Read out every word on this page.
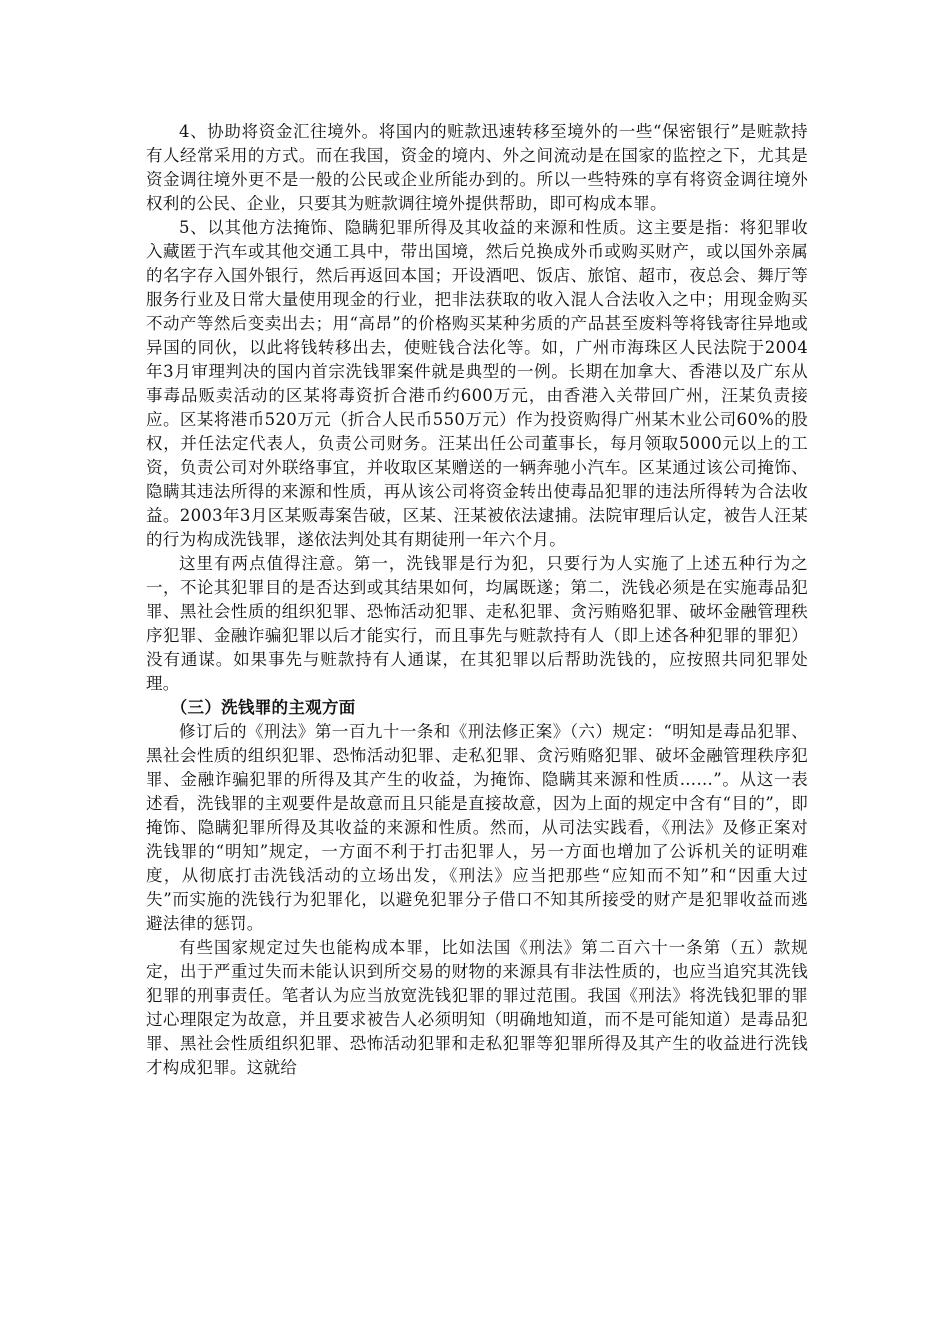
4、协助将资金汇往境外。将国内的赃款迅速转移至境外的一些“保密银行”是赃款持有人经常采用的方式。而在我国，资金的境内、外之间流动是在国家的监控之下，尤其是资金调往境外更不是一般的公民或企业所能办到的。所以一些特殊的享有将资金调往境外权利的公民、企业，只要其为赃款调往境外提供帮助，即可构成本罪。

5、以其他方法掩饰、隐瞒犯罪所得及其收益的来源和性质。这主要是指：将犯罪收入藏匿于汽车或其他交通工具中，带出国境，然后兑换成外币或购买财产，或以国外亲属的名字存入国外银行，然后再返回本国；开设酒吧、饭店、旅馆、超市，夜总会、舞厅等服务行业及日常大量使用现金的行业，把非法获取的收入混人合法收入之中；用现金购买不动产等然后变卖出去；用“高昂”的价格购买某种劣质的产品甚至废料等将钱寄往异地或异国的同伙，以此将钱转移出去，使赃钱合法化等。如，广州市海珠区人民法院于2004年3月审理判决的国内首宗洗钱罪案件就是典型的一例。长期在加拿大、香港以及广东从事毒品贩卖活动的区某将毒资折合港币约600万元，由香港入关带回广州，汪某负责接应。区某将港币520万元（折合人民币550万元）作为投资购得广州某木业公司60%的股权，并任法定代表人，负责公司财务。汪某出任公司董事长，每月领取5000元以上的工资，负责公司对外联络事宜，并收取区某赠送的一辆奔驰小汽车。区某通过该公司掩饰、隐瞒其违法所得的来源和性质，再从该公司将资金转出使毒品犯罪的违法所得转为合法收益。2003年3月区某贩毒案告破，区某、汪某被依法逮捕。法院审理后认定，被告人汪某的行为构成洗钱罪，遂依法判处其有期徒刑一年六个月。

这里有两点值得注意。第一，洗钱罪是行为犯，只要行为人实施了上述五种行为之一，不论其犯罪目的是否达到或其结果如何，均属既遂；第二，洗钱必须是在实施毒品犯罪、黑社会性质的组织犯罪、恐怖活动犯罪、走私犯罪、贪污贿赂犯罪、破坏金融管理秩序犯罪、金融诈骗犯罪以后才能实行，而且事先与赃款持有人（即上述各种犯罪的罪犯）没有通谋。如果事先与赃款持有人通谋，在其犯罪以后帮助洗钱的，应按照共同犯罪处理。

（三）洗钱罪的主观方面

修订后的《刑法》第一百九十一条和《刑法修正案》（六）规定：“明知是毒品犯罪、黑社会性质的组织犯罪、恐怖活动犯罪、走私犯罪、贪污贿赂犯罪、破坏金融管理秩序犯罪、金融诈骗犯罪的所得及其产生的收益，为掩饰、隐瞒其来源和性质……”。从这一表述看，洗钱罪的主观要件是故意而且只能是直接故意，因为上面的规定中含有“目的”，即掩饰、隐瞒犯罪所得及其收益的来源和性质。然而，从司法实践看，《刑法》及修正案对洗钱罪的“明知”规定，一方面不利于打击犯罪人，另一方面也增加了公诉机关的证明难度，从彻底打击洗钱活动的立场出发，《刑法》应当把那些“应知而不知”和“因重大过失”而实施的洗钱行为犯罪化，以避免犯罪分子借口不知其所接受的财产是犯罪收益而逃避法律的惩罚。

有些国家规定过失也能构成本罪，比如法国《刑法》第二百六十一条第（五）款规定，出于严重过失而未能认识到所交易的财物的来源具有非法性质的，也应当追究其洗钱犯罪的刑事责任。笔者认为应当放宽洗钱犯罪的罪过范围。我国《刑法》将洗钱犯罪的罪过心理限定为故意，并且要求被告人必须明知（明确地知道，而不是可能知道）是毒品犯罪、黑社会性质组织犯罪、恐怖活动犯罪和走私犯罪等犯罪所得及其产生的收益进行洗钱才构成犯罪。这就给
